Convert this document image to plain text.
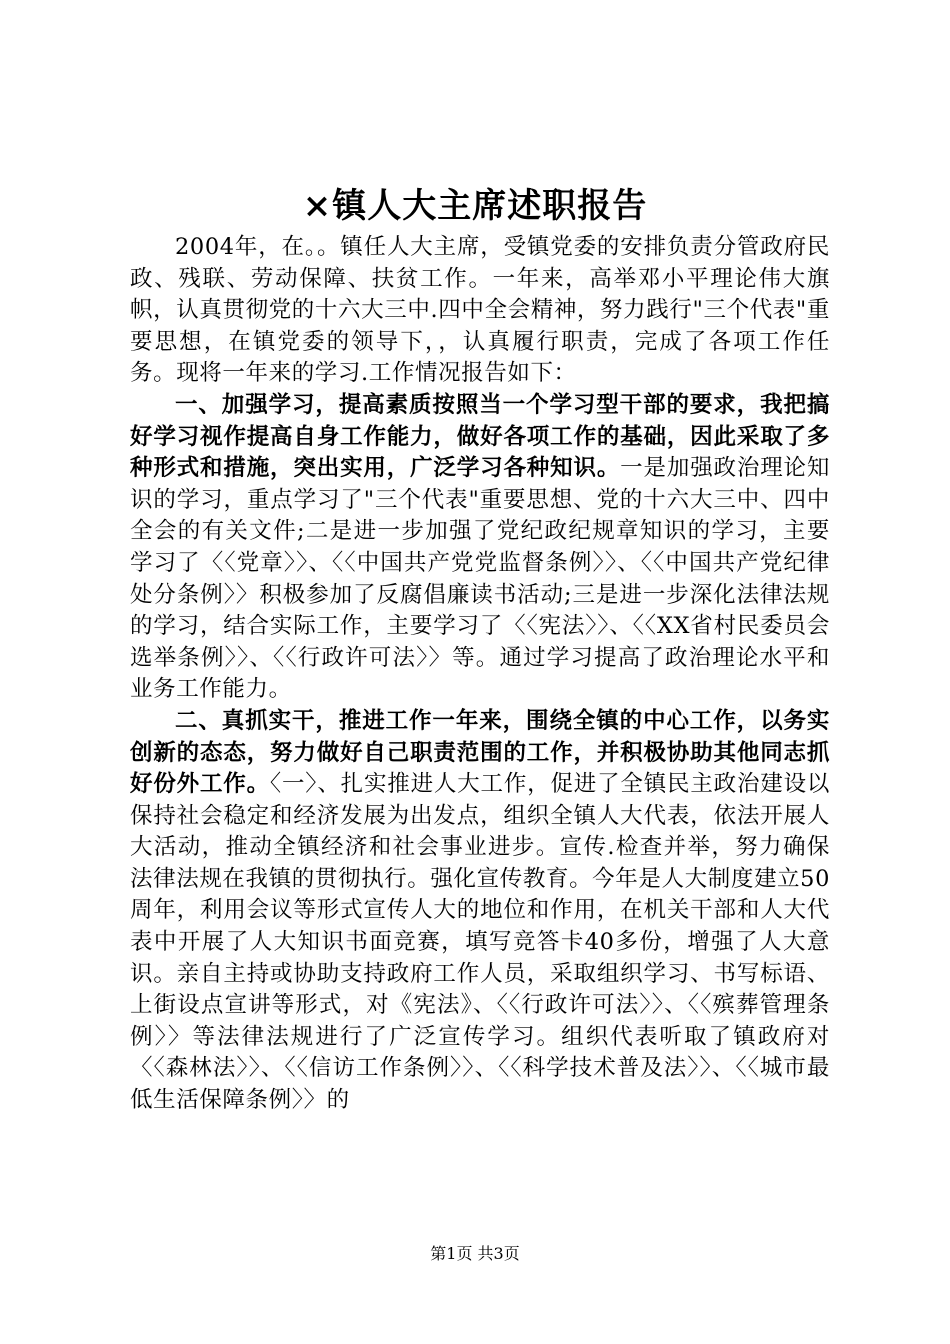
×镇人大主席述职报告

2004年，在。。镇任人大主席，受镇党委的安排负责分管政府民政、残联、劳动保障、扶贫工作。一年来，高举邓小平理论伟大旗帜，认真贯彻党的十六大三中.四中全会精神，努力践行"三个代表"重要思想，在镇党委的领导下，，认真履行职责，完成了各项工作任务。现将一年来的学习.工作情况报告如下：

一、加强学习，提高素质按照当一个学习型干部的要求，我把搞好学习视作提高自身工作能力，做好各项工作的基础，因此采取了多种形式和措施，突出实用，广泛学习各种知识。一是加强政治理论知识的学习，重点学习了"三个代表"重要思想、党的十六大三中、四中全会的有关文件;二是进一步加强了党纪政纪规章知识的学习，主要学习了〈〈党章〉〉、〈〈中国共产党党监督条例〉〉、〈〈中国共产党纪律处分条例〉〉积极参加了反腐倡廉读书活动;三是进一步深化法律法规的学习，结合实际工作，主要学习了〈〈宪法〉〉、〈〈XX省村民委员会选举条例〉〉、〈〈行政许可法〉〉等。通过学习提高了政治理论水平和业务工作能力。

二、真抓实干，推进工作一年来，围绕全镇的中心工作，以务实创新的态态，努力做好自己职责范围的工作，并积极协助其他同志抓好份外工作。〈一〉、扎实推进人大工作，促进了全镇民主政治建设以保持社会稳定和经济发展为出发点，组织全镇人大代表，依法开展人大活动，推动全镇经济和社会事业进步。宣传.检查并举，努力确保法律法规在我镇的贯彻执行。强化宣传教育。今年是人大制度建立50周年，利用会议等形式宣传人大的地位和作用，在机关干部和人大代表中开展了人大知识书面竞赛，填写竞答卡40多份，增强了人大意识。亲自主持或协助支持政府工作人员，采取组织学习、书写标语、上街设点宣讲等形式，对《宪法》、〈〈行政许可法〉〉、〈〈殡葬管理条例〉〉等法律法规进行了广泛宣传学习。组织代表听取了镇政府对〈〈森林法〉〉、〈〈信访工作条例〉〉、〈〈科学技术普及法〉〉、〈〈城市最低生活保障条例〉〉的

第1页 共3页
